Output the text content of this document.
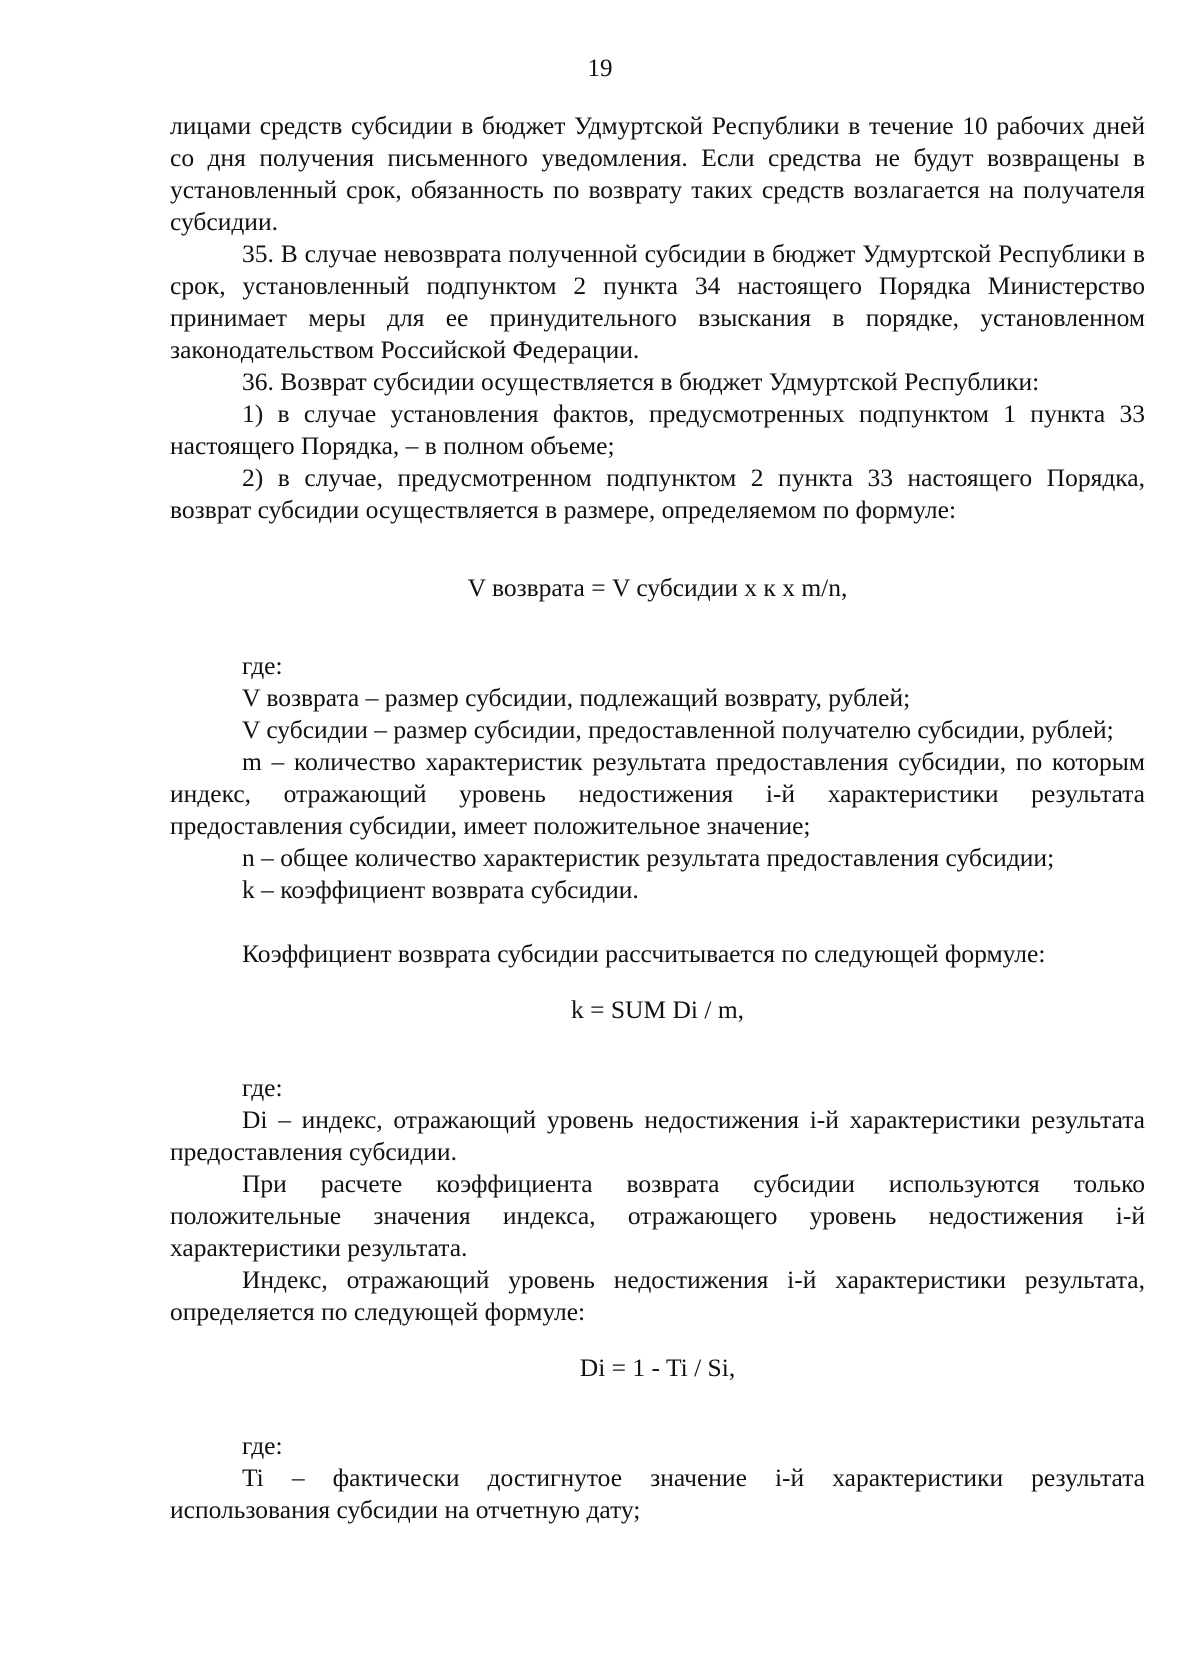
19

лицами средств субсидии в бюджет Удмуртской Республики в течение 10 рабочих дней со дня получения письменного уведомления. Если средства не будут возвращены в установленный срок, обязанность по возврату таких средств возлагается на получателя субсидии.

35. В случае невозврата полученной субсидии в бюджет Удмуртской Республики в срок, установленный подпунктом 2 пункта 34 настоящего Порядка Министерство принимает меры для ее принудительного взыскания в порядке, установленном законодательством Российской Федерации.

36. Возврат субсидии осуществляется в бюджет Удмуртской Республики:

1) в случае установления фактов, предусмотренных подпунктом 1 пункта 33 настоящего Порядка, – в полном объеме;

2) в случае, предусмотренном подпунктом 2 пункта 33 настоящего Порядка, возврат субсидии осуществляется в размере, определяемом по формуле:

V возврата = V субсидии x к x m/n,

где:

V возврата – размер субсидии, подлежащий возврату, рублей;

V субсидии – размер субсидии, предоставленной получателю субсидии, рублей;

m – количество характеристик результата предоставления субсидии, по которым индекс, отражающий уровень недостижения i-й характеристики результата предоставления субсидии, имеет положительное значение;

n – общее количество характеристик результата предоставления субсидии;

k – коэффициент возврата субсидии.

Коэффициент возврата субсидии рассчитывается по следующей формуле:

k = SUM Di / m,

где:

Di – индекс, отражающий уровень недостижения i-й характеристики результата предоставления субсидии.

При расчете коэффициента возврата субсидии используются только положительные значения индекса, отражающего уровень недостижения i-й характеристики результата.

Индекс, отражающий уровень недостижения i-й характеристики результата, определяется по следующей формуле:

Di = 1 - Ti / Si,

где:

Ti – фактически достигнутое значение i-й характеристики результата использования субсидии на отчетную дату;
